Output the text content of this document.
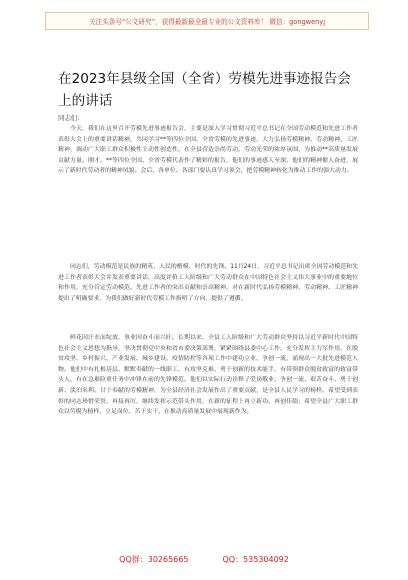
关注头条号“公文研究”，获得最新最全最专业的公文资料库！ 微信：gongwenyj
在2023年县级全国（全省）劳模先进事迹报告会上的讲话
同志们：

今天，我们在这里召开劳模先进事迹报告会，主要是深入学习贯彻习近平总书记在全国劳动模范和先进工作者表彰大会上的重要讲话精神，共同学习**等四位全国、全省劳模的先进事迹，大力弘扬劳模精神、劳动精神、工匠精神，调动广大职工群众积极性主动性创造性，在全县营造崇尚劳动、劳动光荣的浓厚氛围，为推动**高质量发展贡献力量。刚才，**等四位全国、全省劳模代表作了精彩的报告，他们的事迹感人至深，他们的精神催人奋进，展示了新时代劳动者的精神风貌。会后，各单位、各部门要认真学习领会，把劳模精神转化为推动工作的强大动力。

同志们，劳动模范是民族的精英、人民的楷模、时代的先锋。11月24日，习近平总书记出席全国劳动模范和先进工作者表彰大会并发表重要讲话，高度评价工人阶级和广大劳动群众在中国特色社会主义伟大事业中的重要地位和作用，充分肯定劳动模范、先进工作者的突出贡献和崇高精神，对在新时代弘扬劳模精神、劳动精神、工匠精神提出了明确要求，为我们做好新时代劳模工作指明了方向、提供了遵循。

鲜花因汗水而绽放，事业因奋斗而兴旺。长期以来，全县工人阶级和广大劳动群众坚持以习近平新时代中国特色社会主义思想为指导，坚决贯彻党中央和省市委决策部署，紧紧围绕县委中心工作，充分发挥主力军作用，在脱贫攻坚、乡村振兴、产业发展、城乡建设、疫情防控等各项工作中建功立业、争创一流，涌现出一大批先进模范人物。他们中有扎根基层、默默奉献的一线职工，有攻坚克难、勇于创新的技术能手，有带领群众脱贫致富的致富带头人，有在急难险重任务中冲锋在前的先锋模范。他们以实际行动诠释了爱岗敬业、争创一流、艰苦奋斗、勇于创新、淡泊名利、甘于奉献的劳模精神，为全县经济社会发展作出了重要贡献，是全县人民学习的榜样。希望受到表彰的同志珍惜荣誉、再接再厉，继续发挥示范带头作用，在新的征程上再立新功、再创佳绩；希望全县广大职工群众以劳模为榜样，立足岗位、苦干实干，在推动高质量发展中展现新作为。

QQ群：30265665	QQ：535304092
